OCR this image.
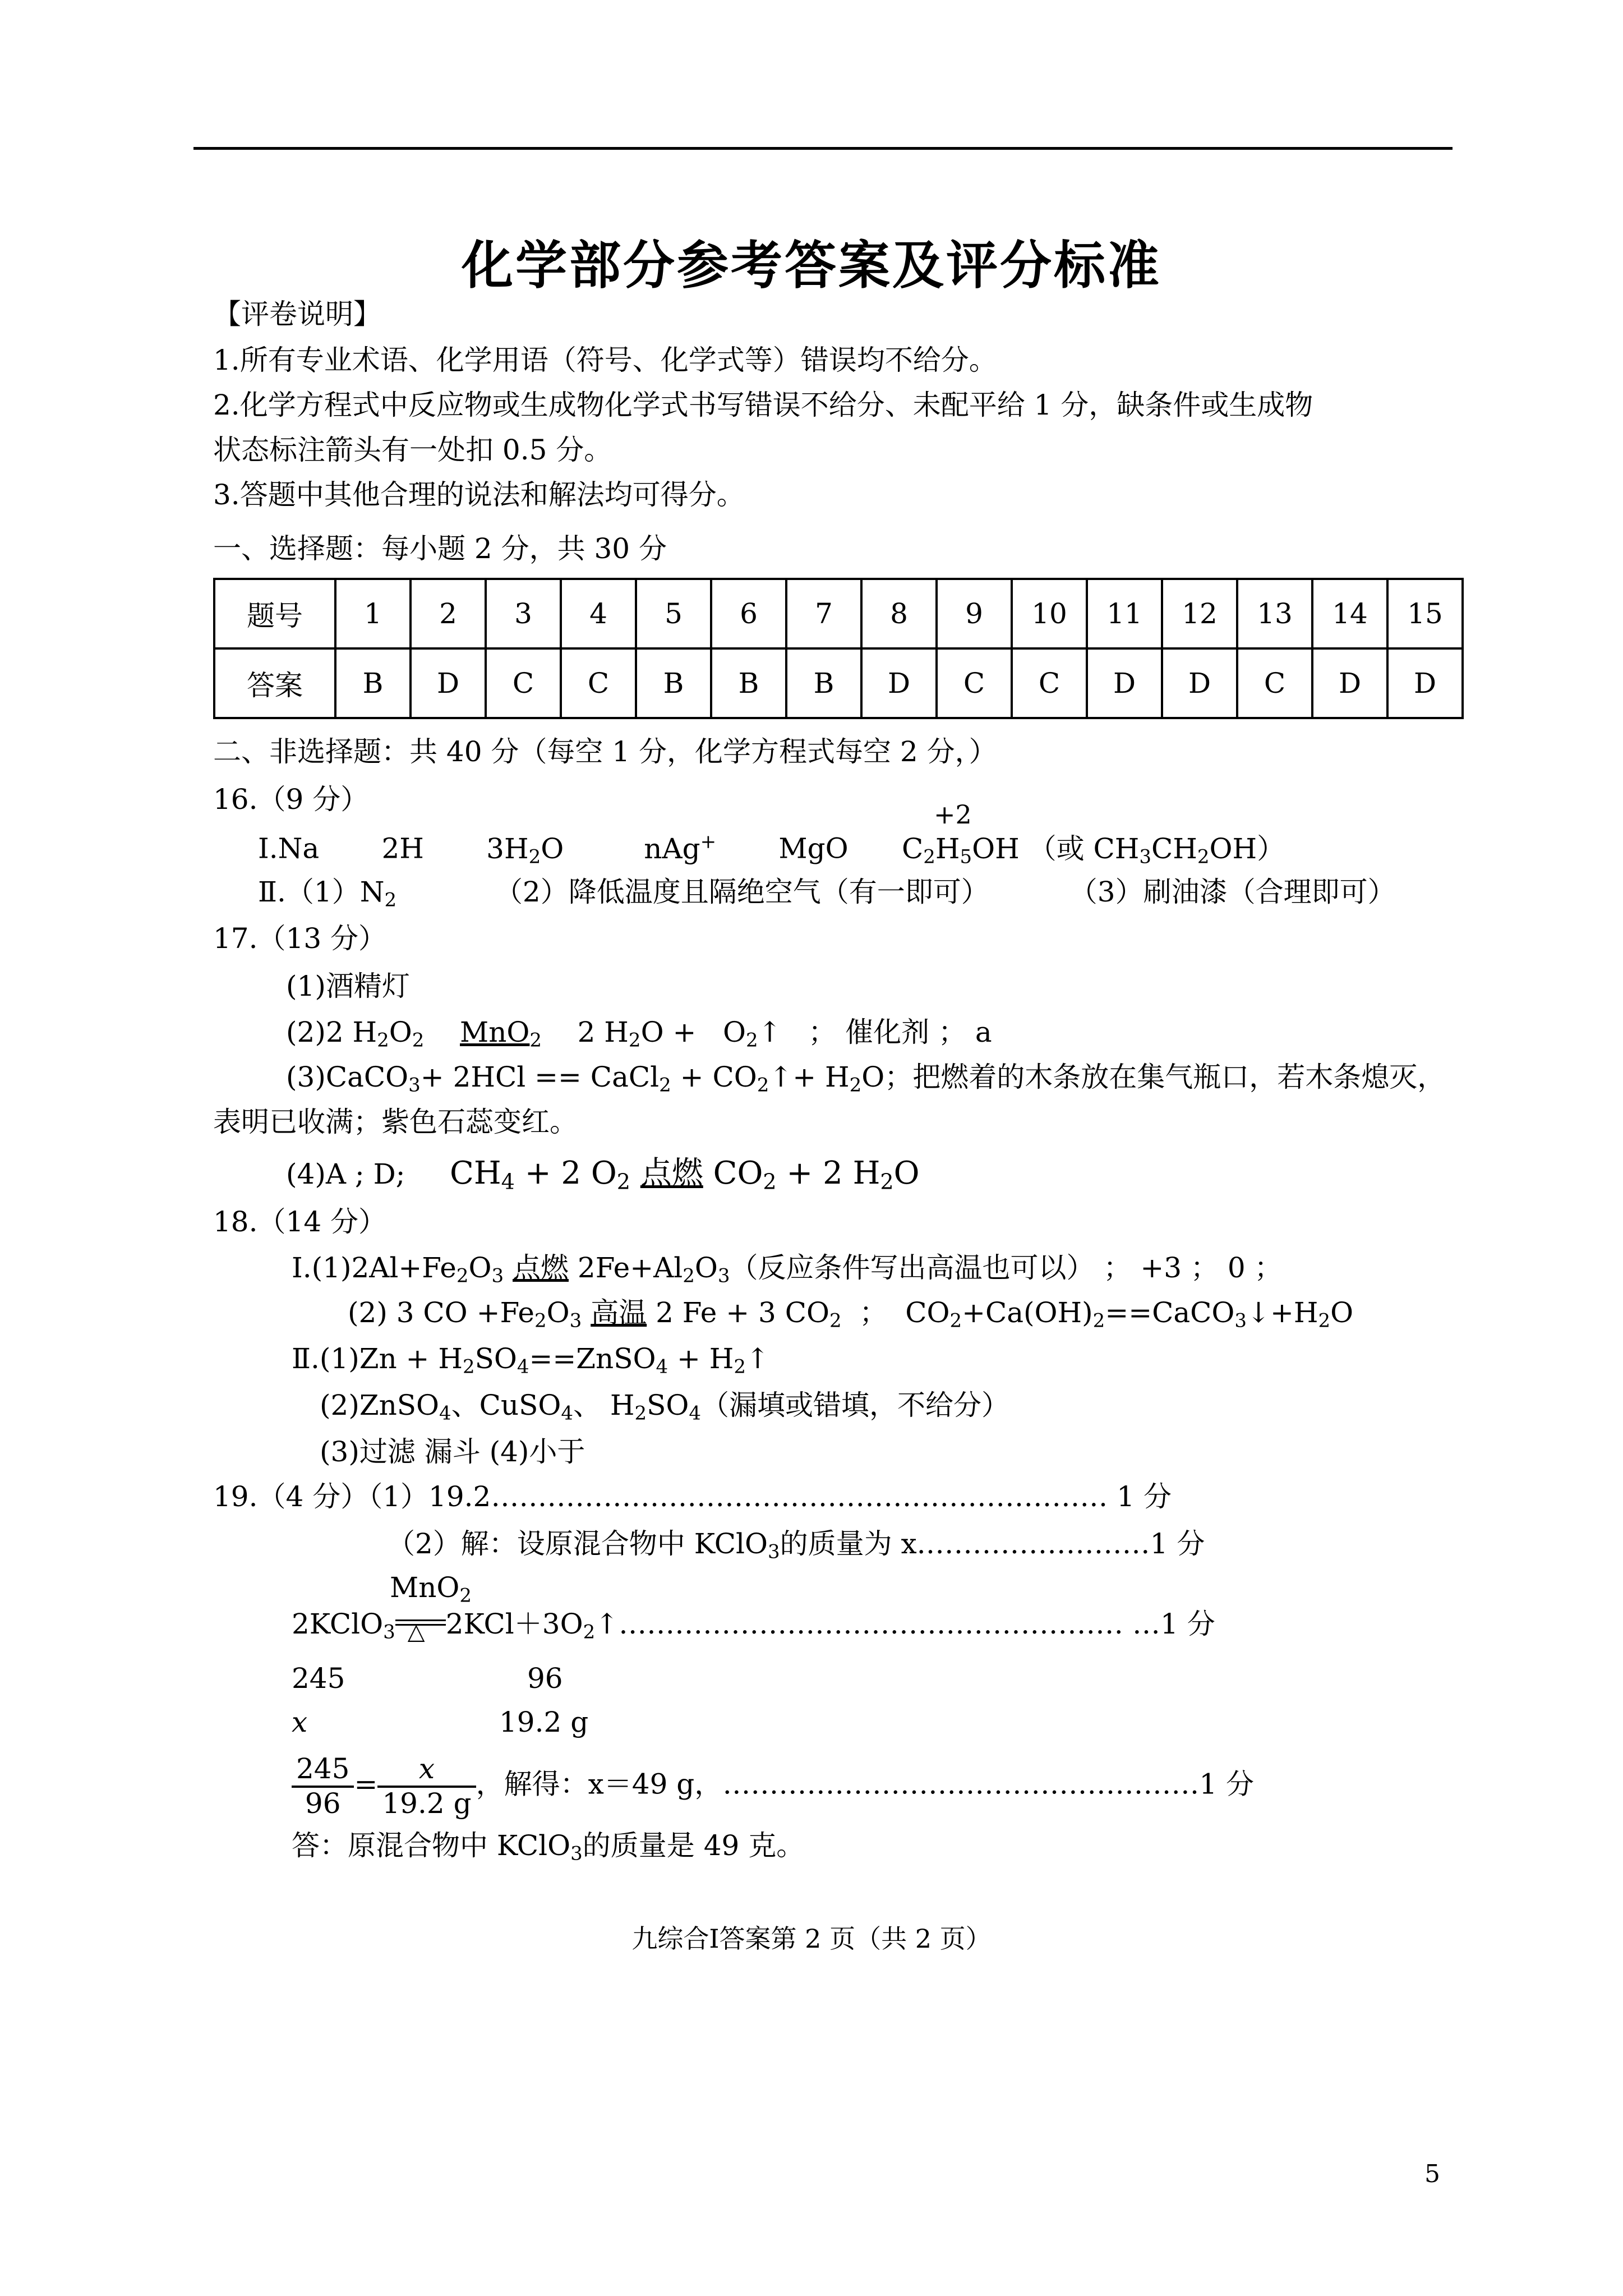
化学部分参考答案及评分标准
【评卷说明】
1.所有专业术语、化学用语（符号、化学式等）错误均不给分。
2.化学方程式中反应物或生成物化学式书写错误不给分、未配平给 1 分，缺条件或生成物
状态标注箭头有一处扣 0.5 分。
3.答题中其他合理的说法和解法均可得分。
一、选择题：每小题 2 分，共 30 分
题号	1	2	3	4	5	6	7	8	9	10	11	12	13	14	15
答案	B	D	C	C	B	B	B	D	C	C	D	D	C	D	D
二、非选择题：共 40 分（每空 1 分，化学方程式每空 2 分，）
16.（9 分）	+2
Ⅰ.Na 2H $3H_2O$	nAg+ MgO $C_2H_5OH$ （或 $CH_3CH_2OH$）
$Ⅱ.(1)N_2$	（2）降低温度且隔绝空气（有一即可）	（3）刷油漆（合理即可）
17.（13 分）
(1)酒精灯
(2)2 $H_2O_2$ MnO$_2$    2 $H_2O$ +   $O_2↑$   ； 催化剂 ； a
(3)CaCO$_3$+ 2HCl == CaCl$_2$ + $CO_2↑+ H_2O$；把燃着的木条放在集气瓶口，若木条熄灭，
表明已收满；紫色石蕊变红。
(4)A ; D; $CH_4 + 2$ $O_2$ 点燃 $CO_2 + 2$ $H_2O$
18.（14 分）
$Ⅰ.(1)2Al+Fe_2O_3$ 点燃 $2Fe+Al_2O_3$（反应条件写出高温也可以） ； +3 ； 0 ；
(2) 3 CO $+Fe_2O_3$ 高温 2 Fe + 3 $CO_2$  ；  $CO_2+Ca(OH)_2==CaCO_3↓+H_2O$
Ⅱ.(1)Zn + $H_2SO_4==ZnSO_4$ + $H_2↑$
(2)ZnSO$_4$、CuSO$_4$、 $H_2SO_4$（漏填或错填，不给分）
(3)过滤 漏斗 (4)小于
19.（4 分）（1）19.2………………………………………………………… 1 分
（2）解：设原混合物中 KClO$_3$的质量为 x.……………………1 分
MnO$_2$
2KClO$_3$ △ $2KCl+3O_2↑\dots\dots\dots\dots\dots\dots\dots\dots\dots\dots\dots\dots\dots\dots\dots\dots\dots\dots$ …1 分
245	96
x	19.2 g
$\frac{245}{96} = \frac{x}{19.2 g}$ ，解得：x＝49 g，……………………………………………1 分
答：原混合物中 KClO$_3$的质量是 49 克。
九综合Ⅰ答案第 2 页（共 2 页）
5
